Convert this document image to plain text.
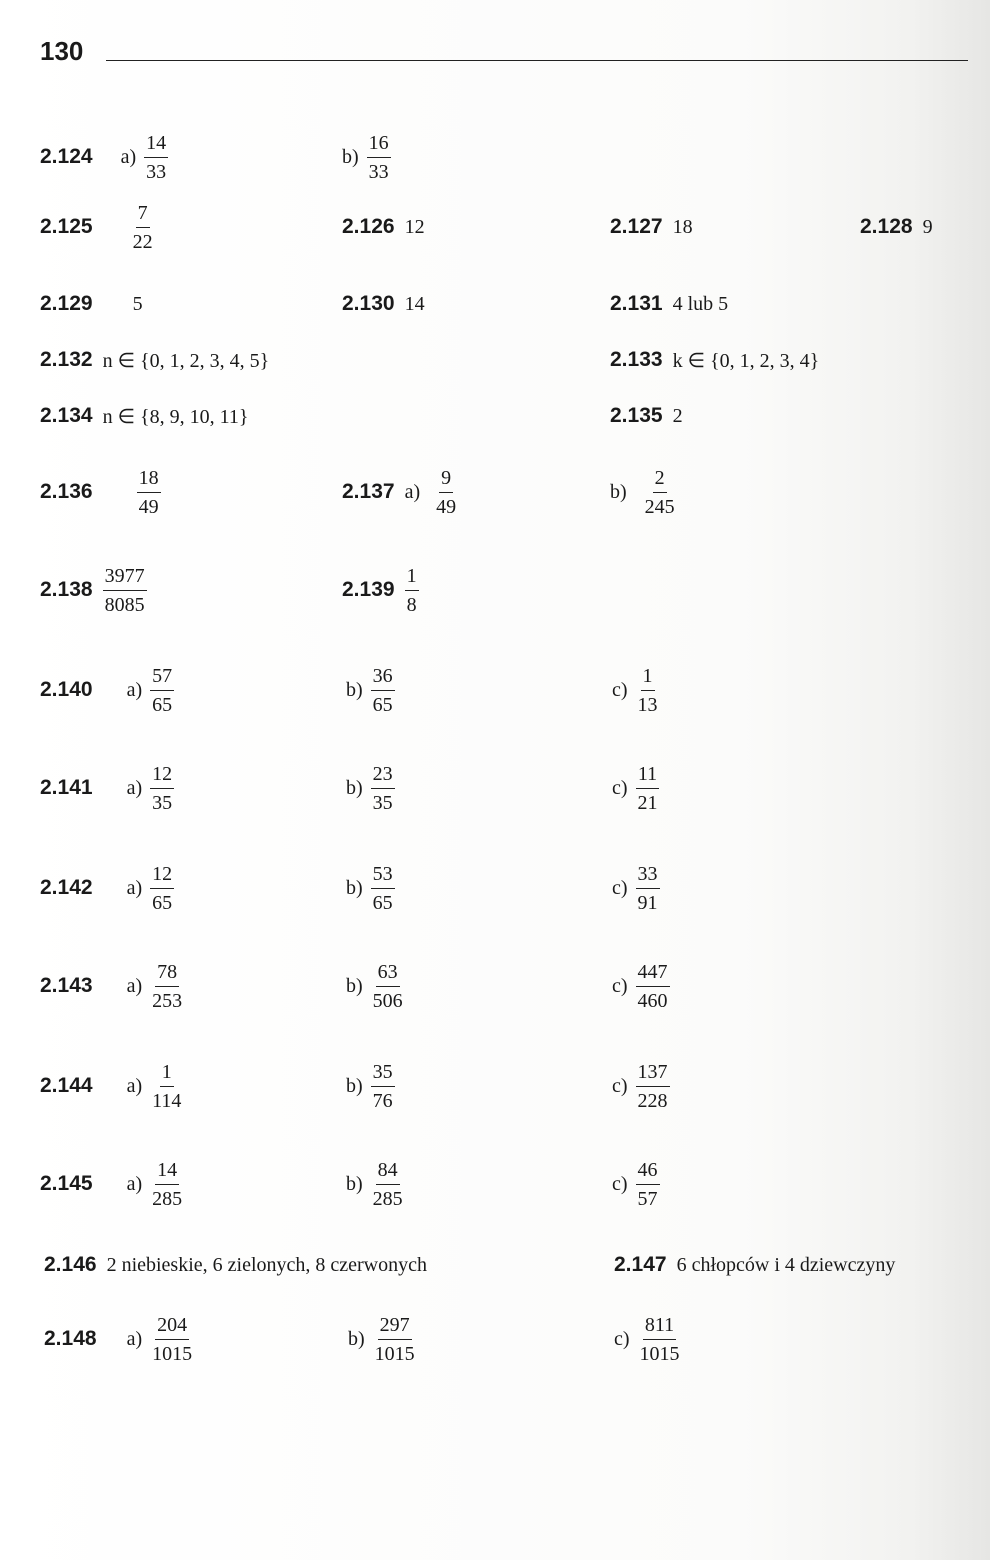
130
2.124 $a) \frac{14}{33}$	$b) \frac{16}{33}$
$2.125 \frac{7}{22}$	2.126 12	2.127 18	2.128 9
2.129 5	2.130 14	2.131 4 lub 5
2.132 n ∈ {0, 1, 2, 3, 4, 5}	2.133 k ∈ {0, 1, 2, 3, 4}
2.134 n ∈ {8, 9, 10, 11}	2.135 2
$2.136 \frac{18}{49}$	2.137 $a) \frac{9}{49}$	$b) \frac{2}{245}$
$2.138 \frac{3977}{8085}$	$2.139 \frac{1}{8}$
2.140 $a) \frac{57}{65}$	$b) \frac{36}{65}$	$c) \frac{1}{13}$
2.141 $a) \frac{12}{35}$	$b) \frac{23}{35}$	$c) \frac{11}{21}$
2.142 $a) \frac{12}{65}$	$b) \frac{53}{65}$	$c) \frac{33}{91}$
2.143 $a) \frac{78}{253}$	$b) \frac{63}{506}$	$c) \frac{447}{460}$
2.144 $a) \frac{1}{114}$	$b) \frac{35}{76}$	$c) \frac{137}{228}$
2.145 $a) \frac{14}{285}$	$b) \frac{84}{285}$	$c) \frac{46}{57}$
2.146 2 niebieskie, 6 zielonych, 8 czerwonych	2.147 6 chłopców i 4 dziewczyny
2.148 $a) \frac{204}{1015}$	$b) \frac{297}{1015}$	$c) \frac{811}{1015}$
